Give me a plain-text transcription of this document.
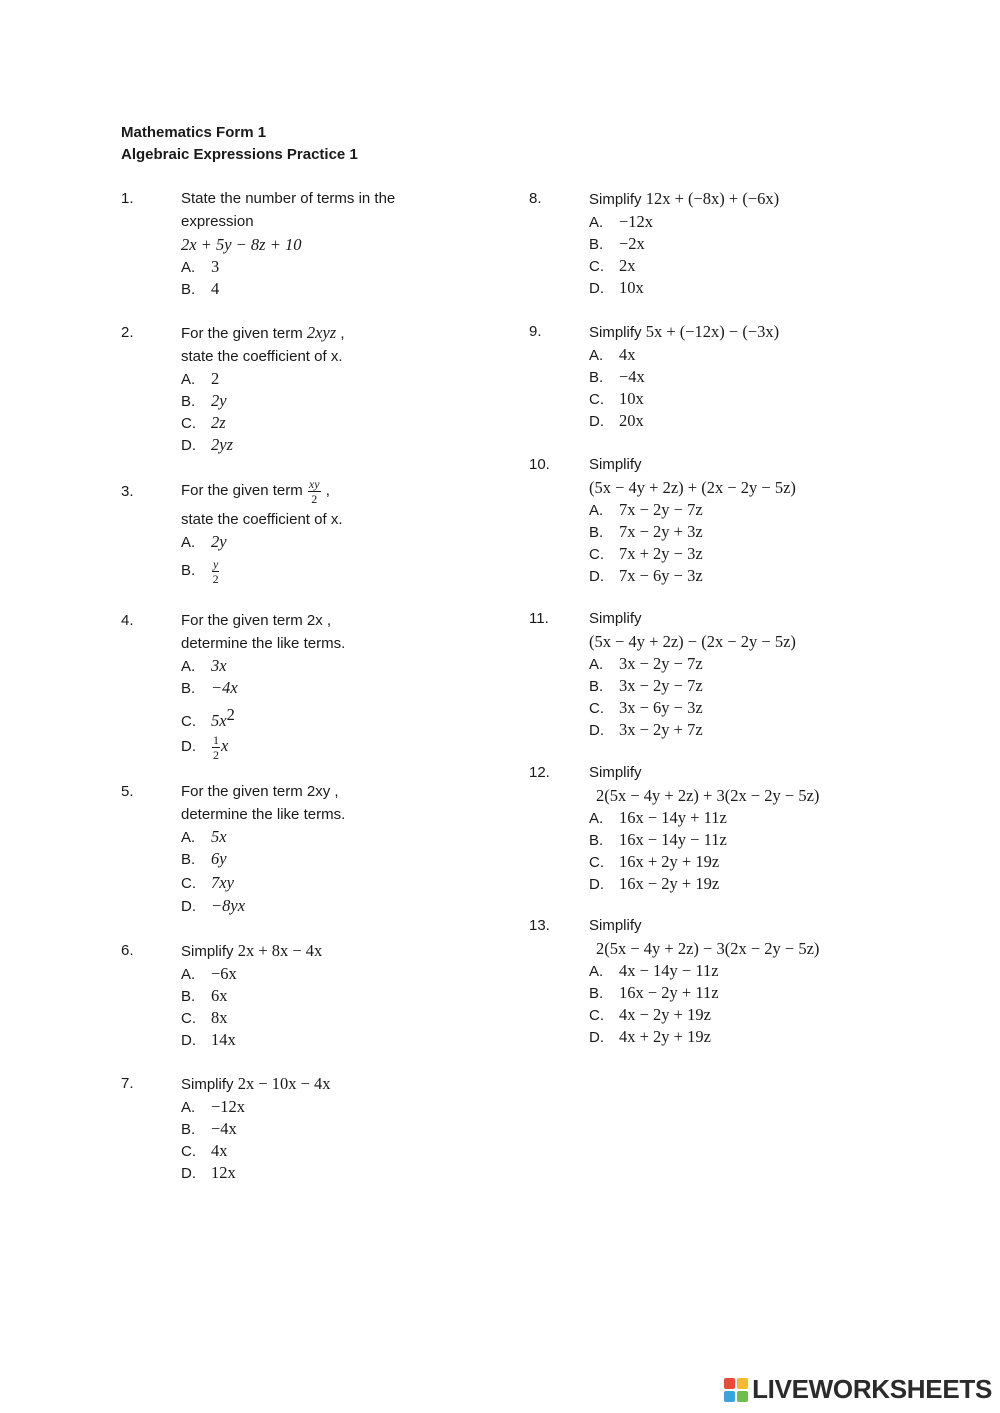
Mathematics Form 1
Algebraic Expressions Practice 1
1.	State the number of terms in the
expression
2x + 5y − 8z + 10
A. 3
B. 4
2.	For the given term 2xyz ,
state the coefficient of x.
A. 2
B. 2y
C. 2z
D. 2yz
3.	For the given term $\frac{xy}{2}$ ,
state the coefficient of x.
A. 2y
B. $\frac{y}{2}$
4.	For the given term 2x ,
determine the like terms.
A. 3x
B. −4x
C. $5x^2$
D. $\frac{1}{2}$ x
5.	For the given term 2xy ,
determine the like terms.
A. 5x
B. 6y
C. 7xy
D. −8yx
6.	Simplify 2x + 8x − 4x
A. −6x
B. 6x
C. 8x
D. 14x
7.	Simplify 2x − 10x − 4x
A. −12x
B. −4x
C. 4x
D. 12x
8.	Simplify 12x + (−8x) + (−6x)
A. −12x
B. −2x
C. 2x
D. 10x
9.	Simplify 5x + (−12x) − (−3x)
A. 4x
B. −4x
C. 10x
D. 20x
10.	Simplify
(5x − 4y + 2z) + (2x − 2y − 5z)
A. 7x − 2y − 7z
B. 7x − 2y + 3z
C. 7x + 2y − 3z
D. 7x − 6y − 3z
11.	Simplify
(5x − 4y + 2z) − (2x − 2y − 5z)
A. 3x − 2y − 7z
B. 3x − 2y − 7z
C. 3x − 6y − 3z
D. 3x − 2y + 7z
12.	Simplify
2(5x − 4y + 2z) + 3(2x − 2y − 5z)
A. 16x − 14y + 11z
B. 16x − 14y − 11z
C. 16x + 2y + 19z
D. 16x − 2y + 19z
13.	Simplify
2(5x − 4y + 2z) − 3(2x − 2y − 5z)
A. 4x − 14y − 11z
B. 16x − 2y + 11z
C. 4x − 2y + 19z
D. 4x + 2y + 19z
LIVEWORKSHEETS
